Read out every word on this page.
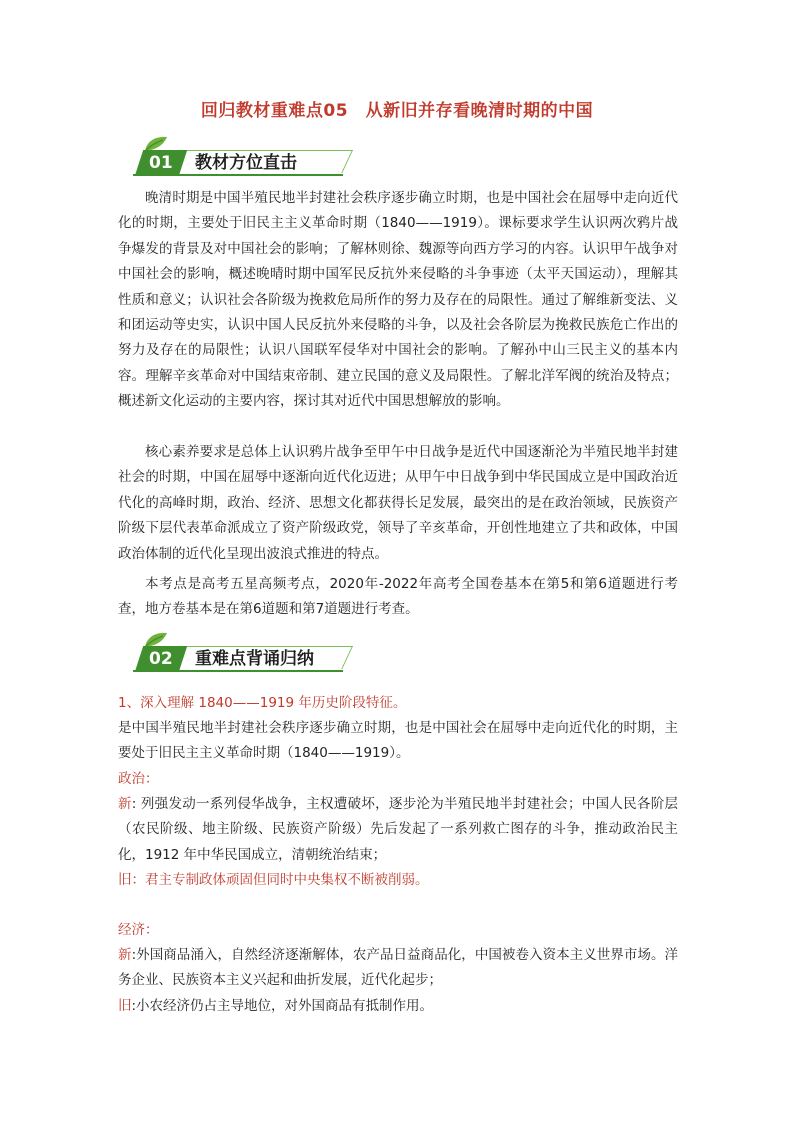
回归教材重难点05　从新旧并存看晚清时期的中国
01	教材方位直击

晚清时期是中国半殖民地半封建社会秩序逐步确立时期，也是中国社会在屈辱中走向近代化的时期，主要处于旧民主主义革命时期（1840——1919）。课标要求学生认识两次鸦片战争爆发的背景及对中国社会的影响；了解林则徐、魏源等向西方学习的内容。认识甲午战争对中国社会的影响，概述晚晴时期中国军民反抗外来侵略的斗争事迹（太平天国运动），理解其性质和意义；认识社会各阶级为挽救危局所作的努力及存在的局限性。通过了解维新变法、义和团运动等史实，认识中国人民反抗外来侵略的斗争，以及社会各阶层为挽救民族危亡作出的努力及存在的局限性；认识八国联军侵华对中国社会的影响。了解孙中山三民主义的基本内容。理解辛亥革命对中国结束帝制、建立民国的意义及局限性。了解北洋军阀的统治及特点；概述新文化运动的主要内容，探讨其对近代中国思想解放的影响。

核心素养要求是总体上认识鸦片战争至甲午中日战争是近代中国逐渐沦为半殖民地半封建社会的时期，中国在屈辱中逐渐向近代化迈进；从甲午中日战争到中华民国成立是中国政治近代化的高峰时期，政治、经济、思想文化都获得长足发展，最突出的是在政治领域，民族资产阶级下层代表革命派成立了资产阶级政党，领导了辛亥革命，开创性地建立了共和政体，中国政治体制的近代化呈现出波浪式推进的特点。

本考点是高考五星高频考点，2020年-2022年高考全国卷基本在第5和第6道题进行考查，地方卷基本是在第6道题和第7道题进行考查。

02	重难点背诵归纳

1、深入理解 1840——1919 年历史阶段特征。

是中国半殖民地半封建社会秩序逐步确立时期，也是中国社会在屈辱中走向近代化的时期，主要处于旧民主主义革命时期（1840——1919）。

政治：

新: 列强发动一系列侵华战争，主权遭破坏，逐步沦为半殖民地半封建社会；中国人民各阶层（农民阶级、地主阶级、民族资产阶级）先后发起了一系列救亡图存的斗争，推动政治民主化，1912 年中华民国成立，清朝统治结束；

旧：君主专制政体顽固但同时中央集权不断被削弱。

经济：

新:外国商品涌入，自然经济逐渐解体，农产品日益商品化，中国被卷入资本主义世界市场。洋务企业、民族资本主义兴起和曲折发展，近代化起步；

旧:小农经济仍占主导地位，对外国商品有抵制作用。
